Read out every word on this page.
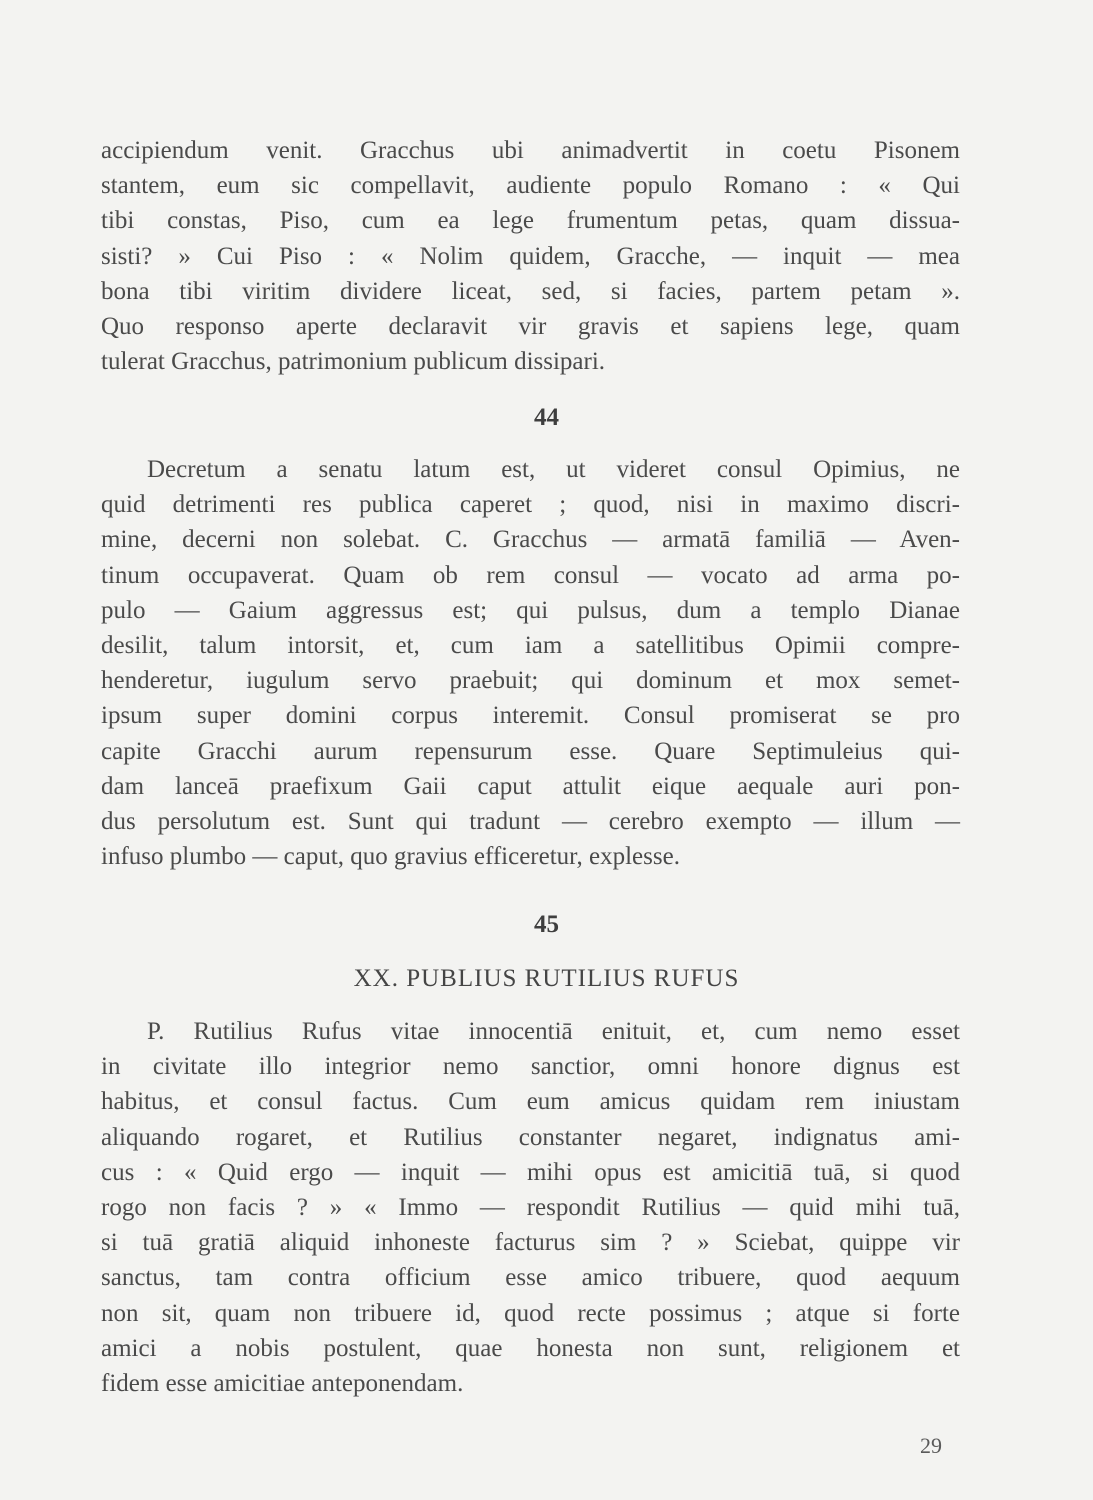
accipiendum venit. Gracchus ubi animadvertit in coetu Pisonem
stantem, eum sic compellavit, audiente populo Romano : « Qui
tibi constas, Piso, cum ea lege frumentum petas, quam dissua-
sisti? » Cui Piso : « Nolim quidem, Gracche, — inquit — mea
bona tibi viritim dividere liceat, sed, si facies, partem petam ».
Quo responso aperte declaravit vir gravis et sapiens lege, quam
tulerat Gracchus, patrimonium publicum dissipari.
44
Decretum a senatu latum est, ut videret consul Opimius, ne
quid detrimenti res publica caperet ; quod, nisi in maximo discri-
mine, decerni non solebat. C. Gracchus — armatā familiā — Aven-
tinum occupaverat. Quam ob rem consul — vocato ad arma po-
pulo — Gaium aggressus est; qui pulsus, dum a templo Dianae
desilit, talum intorsit, et, cum iam a satellitibus Opimii compre-
henderetur, iugulum servo praebuit; qui dominum et mox semet-
ipsum super domini corpus interemit. Consul promiserat se pro
capite Gracchi aurum repensurum esse. Quare Septimuleius qui-
dam lanceā praefixum Gaii caput attulit eique aequale auri pon-
dus persolutum est. Sunt qui tradunt — cerebro exempto — illum —
infuso plumbo — caput, quo gravius efficeretur, explesse.
45
XX. PUBLIUS RUTILIUS RUFUS
P. Rutilius Rufus vitae innocentiā enituit, et, cum nemo esset
in civitate illo integrior nemo sanctior, omni honore dignus est
habitus, et consul factus. Cum eum amicus quidam rem iniustam
aliquando rogaret, et Rutilius constanter negaret, indignatus ami-
cus : « Quid ergo — inquit — mihi opus est amicitiā tuā, si quod
rogo non facis ? » « Immo — respondit Rutilius — quid mihi tuā,
si tuā gratiā aliquid inhoneste facturus sim ? » Sciebat, quippe vir
sanctus, tam contra officium esse amico tribuere, quod aequum
non sit, quam non tribuere id, quod recte possimus ; atque si forte
amici a nobis postulent, quae honesta non sunt, religionem et
fidem esse amicitiae anteponendam.
29
